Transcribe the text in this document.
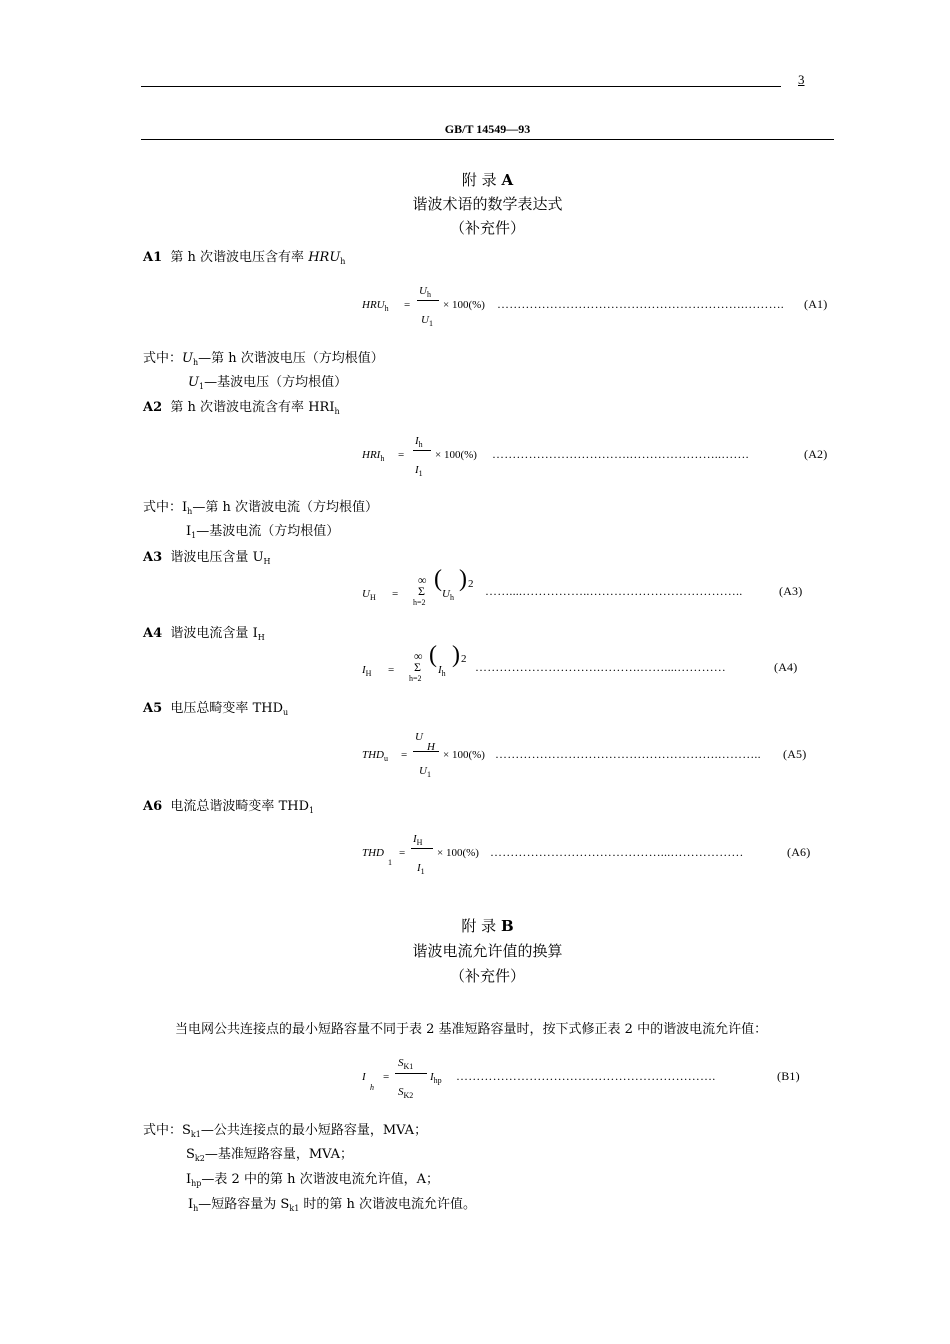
3
GB/T 14549—93
附 录 A
谐波术语的数学表达式
（补充件）
A1 第 h 次谐波电压含有率 $HRU_h$
$HRU_h$ =
$U_h$
$U_1$
× 100(%) …………………………………………………….………. (A1)
式中：$U_h—$第 h 次谐波电压（方均根值）
$U_1—$基波电压（方均根值）
A2 第 h 次谐波电流含有率 $HRI_h$
$HRI_h$ =
$I_h$
$I_1$
× 100(%) …………………………….…………………..…….	(A2)
式中：$I_h—$第 h 次谐波电流（方均根值）
$I_1—$基波电流（方均根值）
A3 谐波电压含量 $U_H$
$U_H$ =
∞
Σ
h=2
(
$U_h$
) 2 ……....……………..………………………………..	(A3)
A4 谐波电流含量 $I_H$
$I_H$ =
∞
Σ
h=2
(
$I_h$
) 2
………………………….……….……....…………	(A4)
A5 电压总畸变率 $THD_u$
$THD_u$ =
U
H
$U_1$
× 100(%) ……………………………………………….……….. (A5)
A6 电流总谐波畸变率 $THD_1$
THD
1
=
$I_H$
$I_1$
× 100(%) ……………………………………...………………	(A6)
附 录 B
谐波电流允许值的换算
（补充件）
当电网公共连接点的最小短路容量不同于表 2 基准短路容量时，按下式修正表 2 中的谐波电流允许值：
I
h
=
$S_{K1}$
$S_{K2}$
$I_{hp}$ ……………………………………………………….	(B1)
式中：$S_{k1}—$公共连接点的最小短路容量，MVA；
$S_{k2}—$基准短路容量，MVA；
$I_{hp}—$表 2 中的第 h 次谐波电流允许值，A；
$I_h—$短路容量为 $S_{k1}$ 时的第 h 次谐波电流允许值。
